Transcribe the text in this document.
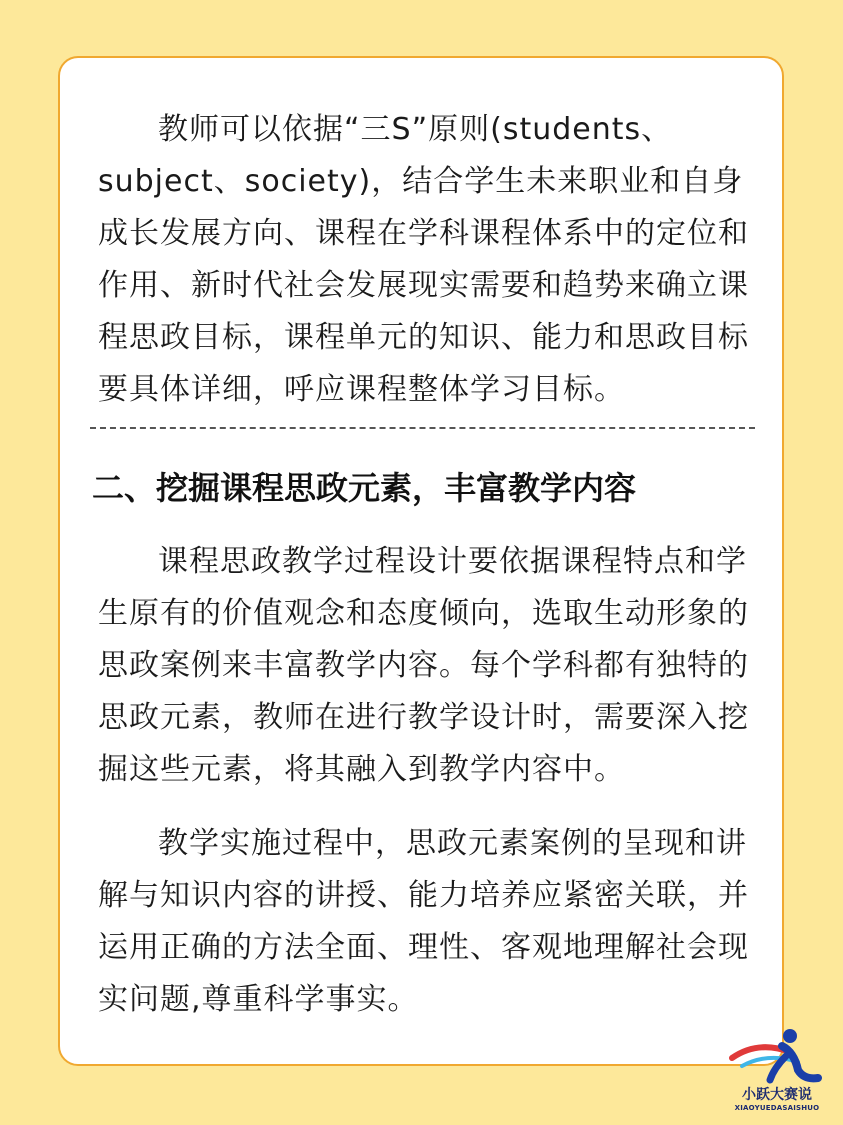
教师可以依据“三S”原则(students、subject、society)，结合学生未来职业和自身成长发展方向、课程在学科课程体系中的定位和作用、新时代社会发展现实需要和趋势来确立课程思政目标，课程单元的知识、能力和思政目标要具体详细，呼应课程整体学习目标。

二、挖掘课程思政元素，丰富教学内容

课程思政教学过程设计要依据课程特点和学生原有的价值观念和态度倾向，选取生动形象的思政案例来丰富教学内容。每个学科都有独特的思政元素，教师在进行教学设计时，需要深入挖掘这些元素，将其融入到教学内容中。

教学实施过程中，思政元素案例的呈现和讲解与知识内容的讲授、能力培养应紧密关联，并运用正确的方法全面、理性、客观地理解社会现实问题,尊重科学事实。

小跃大赛说
XIAOYUEDASAISHUO
